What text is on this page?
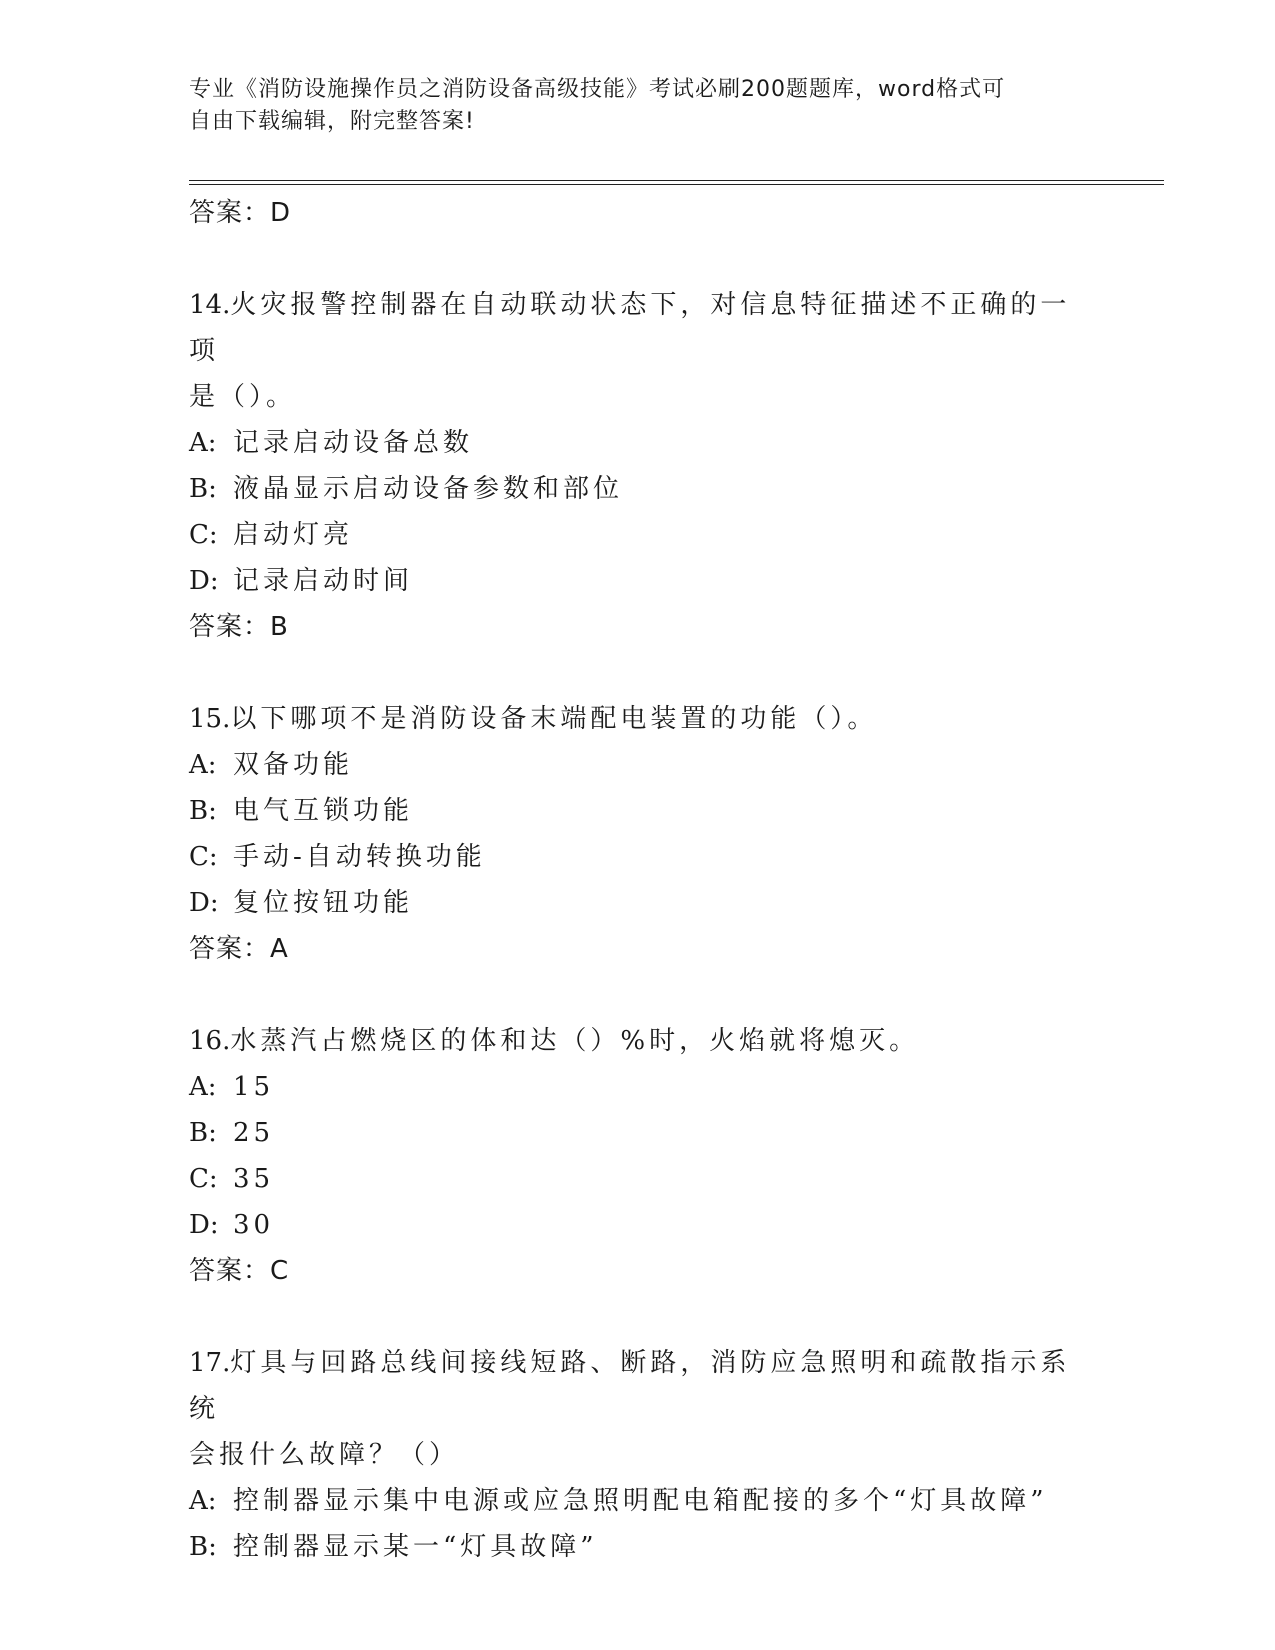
专业《消防设施操作员之消防设备高级技能》考试必刷200题题库，word格式可
自由下载编辑，附完整答案!
答案：D
14.火灾报警控制器在自动联动状态下，对信息特征描述不正确的一项
是（）。
A: 记录启动设备总数
B: 液晶显示启动设备参数和部位
C: 启动灯亮
D: 记录启动时间
答案：B
15.以下哪项不是消防设备末端配电装置的功能（）。
A: 双备功能
B: 电气互锁功能
C: 手动-自动转换功能
D: 复位按钮功能
答案：A
16.水蒸汽占燃烧区的体和达（）%时，火焰就将熄灭。
A: 15
B: 25
C: 35
D: 30
答案：C
17.灯具与回路总线间接线短路、断路，消防应急照明和疏散指示系统
会报什么故障？（）
A: 控制器显示集中电源或应急照明配电箱配接的多个“灯具故障”
B: 控制器显示某一“灯具故障”
